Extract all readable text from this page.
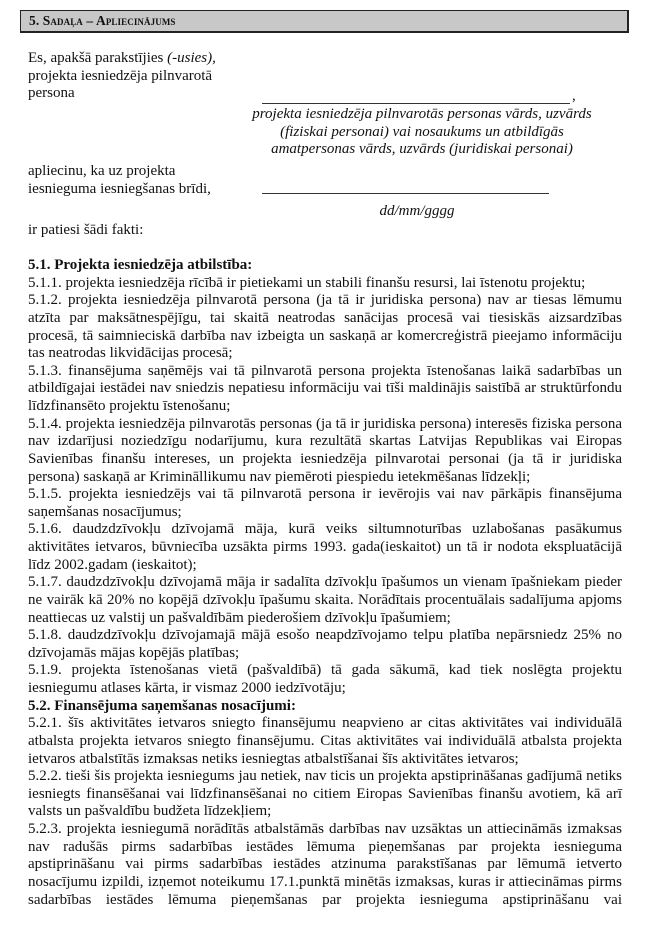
5. Sadaļa – Apliecinājums
Es, apakšā parakstījies (-usies),
projekta iesniedzēja pilnvarotā
persona	,
projekta iesniedzēja pilnvarotās personas vārds, uzvārds (fiziskai personai) vai nosaukums un atbildīgās amatpersonas vārds, uzvārds (juridiskai personai)
apliecinu, ka uz projekta
iesnieguma iesniegšanas brīdi,
dd/mm/gggg
ir patiesi šādi fakti:

5.1. Projekta iesniedzēja atbilstība:

5.1.1. projekta iesniedzēja rīcībā ir pietiekami un stabili finanšu resursi, lai īstenotu projektu;

5.1.2. projekta iesniedzēja pilnvarotā persona (ja tā ir juridiska persona) nav ar tiesas lēmumu atzīta par maksātnespējīgu, tai skaitā neatrodas sanācijas procesā vai tiesiskās aizsardzības procesā, tā saimnieciskā darbība nav izbeigta un saskaņā ar komercreģistrā pieejamo informāciju tas neatrodas likvidācijas procesā;

5.1.3. finansējuma saņēmējs vai tā pilnvarotā persona projekta īstenošanas laikā sadarbības un atbildīgajai iestādei nav sniedzis nepatiesu informāciju vai tīši maldinājis saistībā ar struktūrfondu līdzfinansēto projektu īstenošanu;

5.1.4. projekta iesniedzēja pilnvarotās personas (ja tā ir juridiska persona) interesēs fiziska persona nav izdarījusi noziedzīgu nodarījumu, kura rezultātā skartas Latvijas Republikas vai Eiropas Savienības finanšu intereses, un projekta iesniedzēja pilnvarotai personai (ja tā ir juridiska persona) saskaņā ar Krimināllikumu nav piemēroti piespiedu ietekmēšanas līdzekļi;

5.1.5. projekta iesniedzējs vai tā pilnvarotā persona ir ievērojis vai nav pārkāpis finansējuma saņemšanas nosacījumus;

5.1.6. daudzdzīvokļu dzīvojamā māja, kurā veiks siltumnoturības uzlabošanas pasākumus aktivitātes ietvaros, būvniecība uzsākta pirms 1993. gada(ieskaitot) un tā ir nodota ekspluatācijā līdz 2002.gadam (ieskaitot);

5.1.7. daudzdzīvokļu dzīvojamā māja ir sadalīta dzīvokļu īpašumos un vienam īpašniekam pieder ne vairāk kā 20% no kopējā dzīvokļu īpašumu skaita. Norādītais procentuālais sadalījuma apjoms neattiecas uz valstij un pašvaldībām piederošiem dzīvokļu īpašumiem;

5.1.8. daudzdzīvokļu dzīvojamajā mājā esošo neapdzīvojamo telpu platība nepārsniedz 25% no dzīvojamās mājas kopējās platības;

5.1.9. projekta īstenošanas vietā (pašvaldībā) tā gada sākumā, kad tiek noslēgta projektu iesniegumu atlases kārta, ir vismaz 2000 iedzīvotāju;

5.2. Finansējuma saņemšanas nosacījumi:

5.2.1. šīs aktivitātes ietvaros sniegto finansējumu neapvieno ar citas aktivitātes vai individuālā atbalsta projekta ietvaros sniegto finansējumu. Citas aktivitātes vai individuālā atbalsta projekta ietvaros atbalstītās izmaksas netiks iesniegtas atbalstīšanai šīs aktivitātes ietvaros;

5.2.2. tieši šis projekta iesniegums jau netiek, nav ticis un projekta apstiprināšanas gadījumā netiks iesniegts finansēšanai vai līdzfinansēšanai no citiem Eiropas Savienības finanšu avotiem, kā arī valsts un pašvaldību budžeta līdzekļiem;

5.2.3. projekta iesniegumā norādītās atbalstāmās darbības nav uzsāktas un attiecināmās izmaksas nav radušās pirms sadarbības iestādes lēmuma pieņemšanas par projekta iesnieguma apstiprināšanu vai pirms sadarbības iestādes atzinuma parakstīšanas par lēmumā ietverto nosacījumu izpildi, izņemot noteikumu 17.1.punktā minētās izmaksas, kuras ir attiecināmas pirms sadarbības iestādes lēmuma pieņemšanas par projekta iesnieguma apstiprināšanu vai
